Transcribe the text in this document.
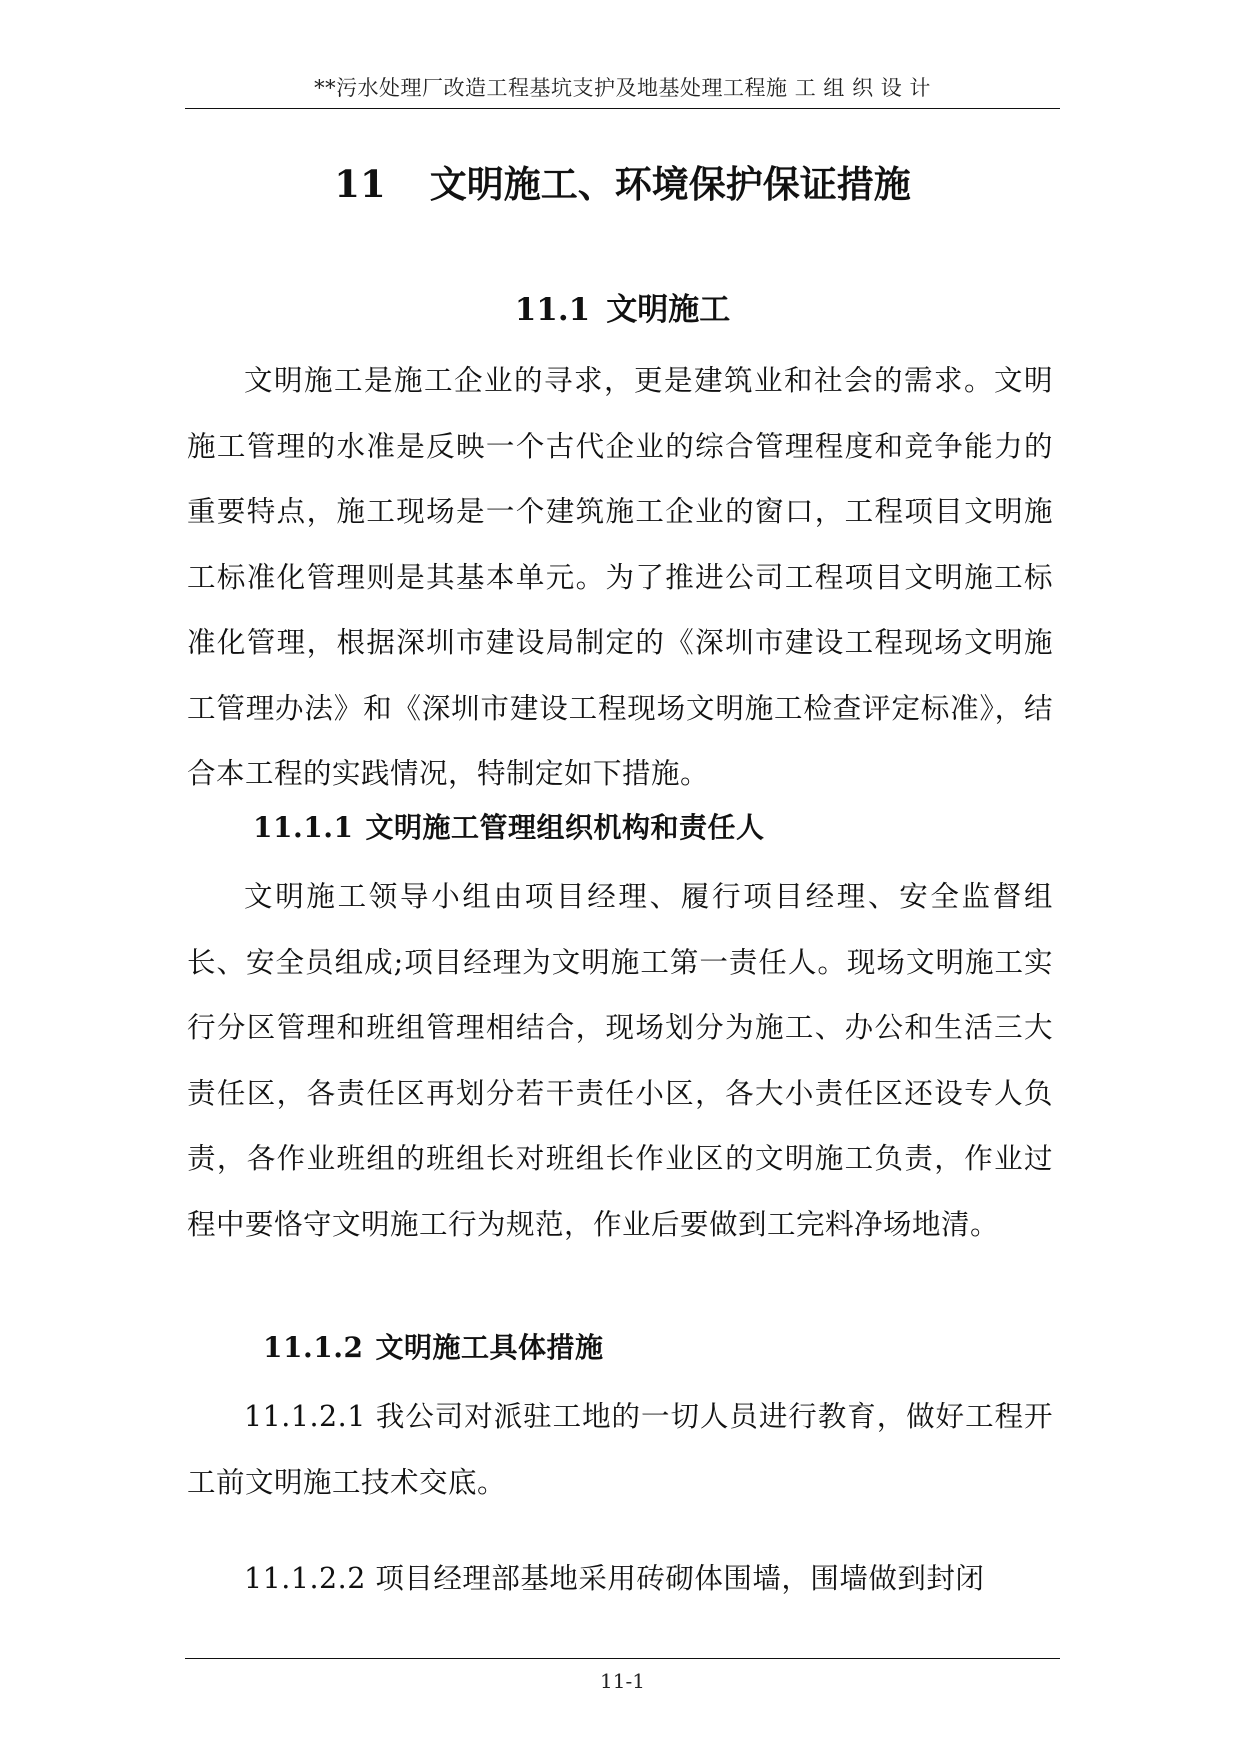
**污水处理厂改造工程基坑支护及地基处理工程施 工 组 织 设 计
11 文明施工、环境保护保证措施
11.1 文明施工

文明施工是施工企业的寻求，更是建筑业和社会的需求。文明施工管理的水准是反映一个古代企业的综合管理程度和竞争能力的重要特点，施工现场是一个建筑施工企业的窗口，工程项目文明施工标准化管理则是其基本单元。为了推进公司工程项目文明施工标准化管理，根据深圳市建设局制定的《深圳市建设工程现场文明施工管理办法》和《深圳市建设工程现场文明施工检查评定标准》，结合本工程的实践情况，特制定如下措施。

11.1.1 文明施工管理组织机构和责任人

文明施工领导小组由项目经理、履行项目经理、安全监督组长、安全员组成;项目经理为文明施工第一责任人。现场文明施工实行分区管理和班组管理相结合，现场划分为施工、办公和生活三大责任区，各责任区再划分若干责任小区，各大小责任区还设专人负责，各作业班组的班组长对班组长作业区的文明施工负责，作业过程中要恪守文明施工行为规范，作业后要做到工完料净场地清。

11.1.2 文明施工具体措施

11.1.2.1 我公司对派驻工地的一切人员进行教育，做好工程开工前文明施工技术交底。

11.1.2.2 项目经理部基地采用砖砌体围墙，围墙做到封闭

11-1
